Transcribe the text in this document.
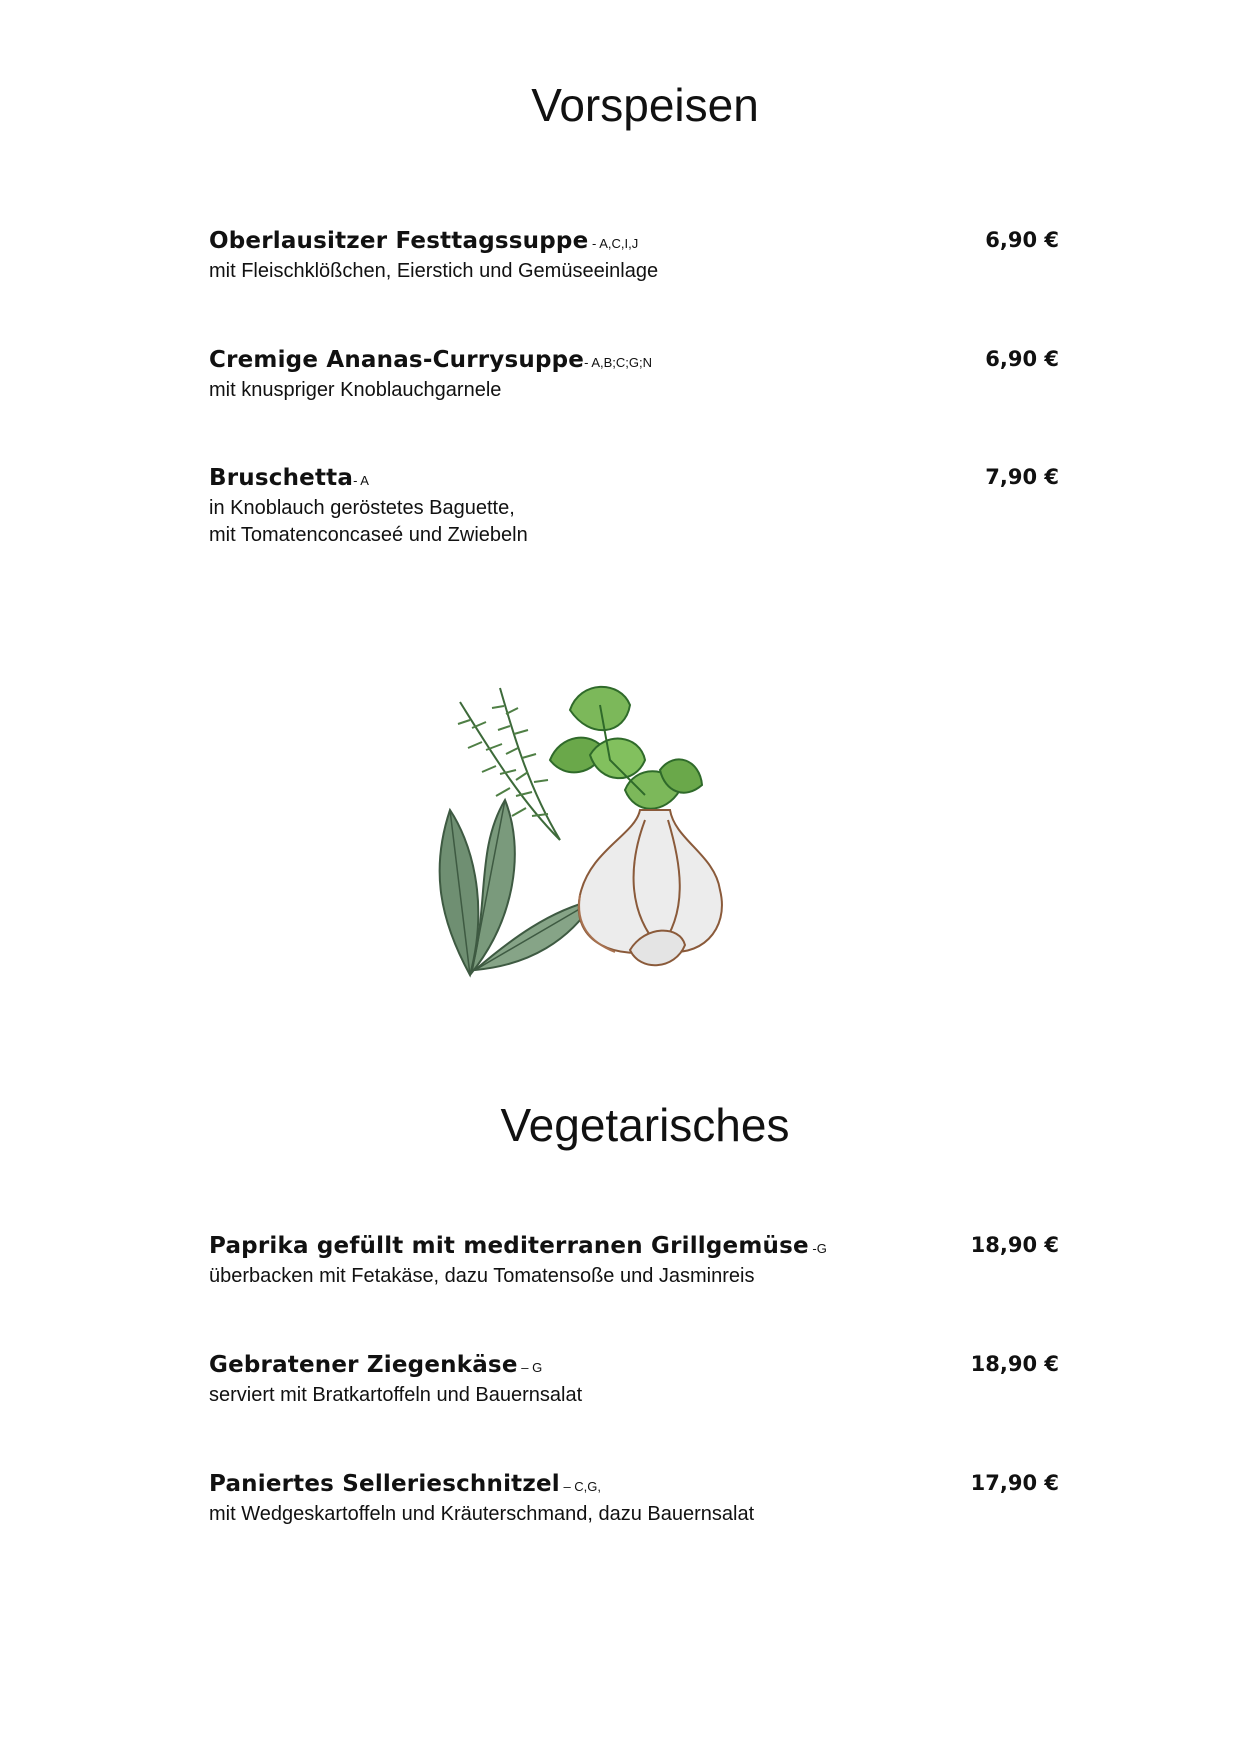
Vorspeisen
Oberlausitzer Festtagssuppe - A,C,I,J	6,90 €
mit Fleischklößchen, Eierstich und Gemüseeinlage
Cremige Ananas-Currysuppe- A,B;C;G;N	6,90 €
mit knuspriger Knoblauchgarnele
Bruschetta- A	7,90 €
in Knoblauch geröstetes Baguette,
mit Tomatenconcaseé und Zwiebeln
Vegetarisches
Paprika gefüllt mit mediterranen Grillgemüse -G	18,90 €
überbacken mit Fetakäse, dazu Tomatensoße und Jasminreis
Gebratener Ziegenkäse – G	18,90 €
serviert mit Bratkartoffeln und Bauernsalat
Paniertes Sellerieschnitzel – C,G,	17,90 €
mit Wedgeskartoffeln und Kräuterschmand, dazu Bauernsalat
